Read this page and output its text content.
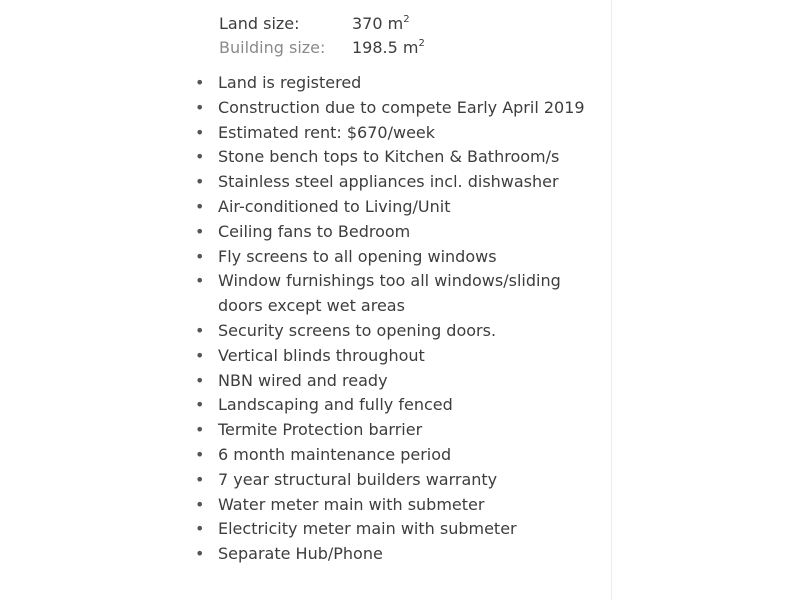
Land size:	370 $m^2$
Building size: 198.5 $m^2$
• Land is registered
• Construction due to compete Early April 2019
• Estimated rent: $670/week
• Stone bench tops to Kitchen & Bathroom/s
• Stainless steel appliances incl. dishwasher
• Air-conditioned to Living/Unit
• Ceiling fans to Bedroom
• Fly screens to all opening windows
• Window furnishings too all windows/sliding doors except wet areas
• Security screens to opening doors.
• Vertical blinds throughout
• NBN wired and ready
• Landscaping and fully fenced
• Termite Protection barrier
• 6 month maintenance period
• 7 year structural builders warranty
• Water meter main with submeter
• Electricity meter main with submeter
• Separate Hub/Phone
